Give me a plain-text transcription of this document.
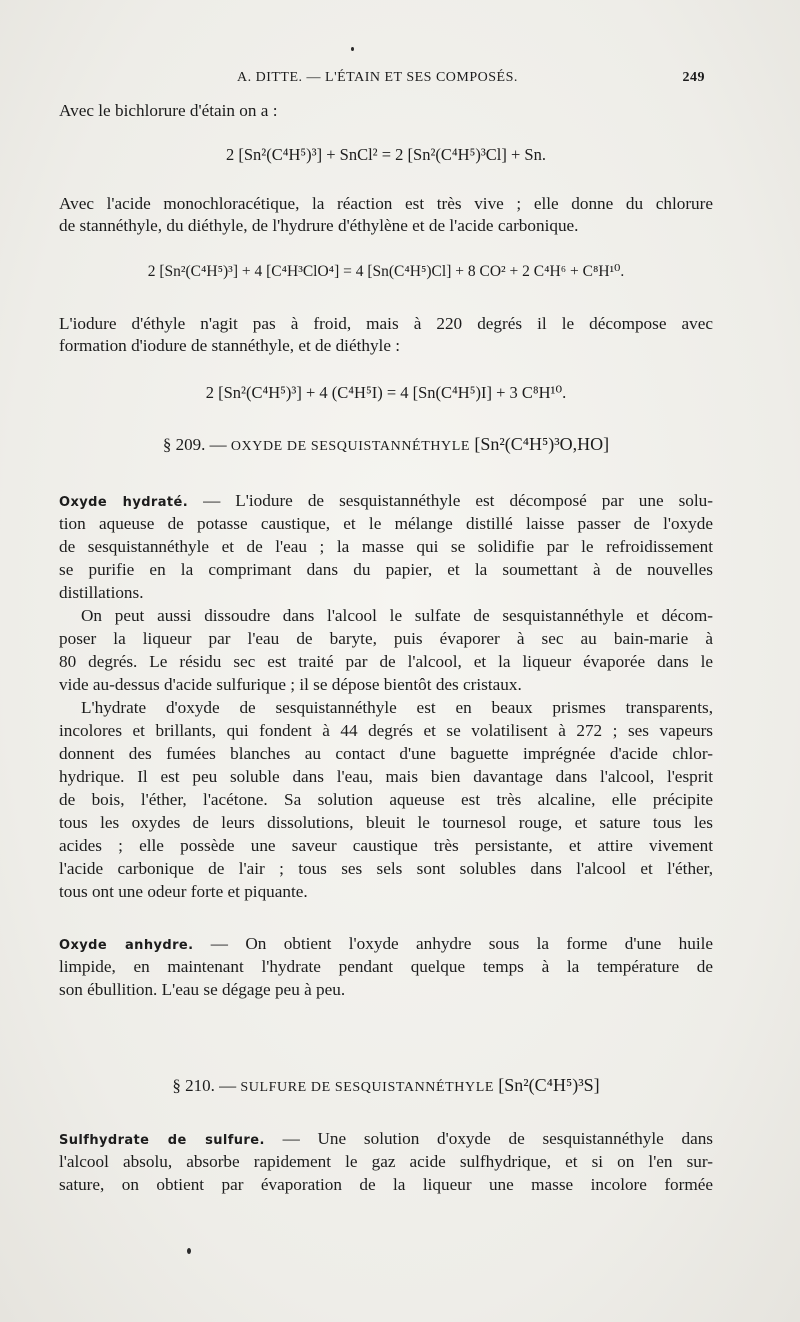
A. DITTE. — L'ÉTAIN ET SES COMPOSÉS.	249
Avec le bichlorure d'étain on a :
2 [Sn²(C⁴H⁵)³] + SnCl² = 2 [Sn²(C⁴H⁵)³Cl] + Sn.
Avec l'acide monochloracétique, la réaction est très vive ; elle donne du chlorure
de stannéthyle, du diéthyle, de l'hydrure d'éthylène et de l'acide carbonique.
2 [Sn²(C⁴H⁵)³] + 4 [C⁴H³ClO⁴] = 4 [Sn(C⁴H⁵)Cl] + 8 CO² + 2 C⁴H⁶ + C⁸H¹⁰.
L'iodure d'éthyle n'agit pas à froid, mais à 220 degrés il le décompose avec
formation d'iodure de stannéthyle, et de diéthyle :
2 [Sn²(C⁴H⁵)³] + 4 (C⁴H⁵I) = 4 [Sn(C⁴H⁵)I] + 3 C⁸H¹⁰.
§ 209. — OXYDE DE SESQUISTANNÉTHYLE [Sn²(C⁴H⁵)³O,HO]
Oxyde hydraté. — L'iodure de sesquistannéthyle est décomposé par une solu-
tion aqueuse de potasse caustique, et le mélange distillé laisse passer de l'oxyde
de sesquistannéthyle et de l'eau ; la masse qui se solidifie par le refroidissement
se purifie en la comprimant dans du papier, et la soumettant à de nouvelles
distillations.
On peut aussi dissoudre dans l'alcool le sulfate de sesquistannéthyle et décom-
poser la liqueur par l'eau de baryte, puis évaporer à sec au bain-marie à
80 degrés. Le résidu sec est traité par de l'alcool, et la liqueur évaporée dans le
vide au-dessus d'acide sulfurique ; il se dépose bientôt des cristaux.
L'hydrate d'oxyde de sesquistannéthyle est en beaux prismes transparents,
incolores et brillants, qui fondent à 44 degrés et se volatilisent à 272 ; ses vapeurs
donnent des fumées blanches au contact d'une baguette imprégnée d'acide chlor-
hydrique. Il est peu soluble dans l'eau, mais bien davantage dans l'alcool, l'esprit
de bois, l'éther, l'acétone. Sa solution aqueuse est très alcaline, elle précipite
tous les oxydes de leurs dissolutions, bleuit le tournesol rouge, et sature tous les
acides ; elle possède une saveur caustique très persistante, et attire vivement
l'acide carbonique de l'air ; tous ses sels sont solubles dans l'alcool et l'éther,
tous ont une odeur forte et piquante.
Oxyde anhydre. — On obtient l'oxyde anhydre sous la forme d'une huile
limpide, en maintenant l'hydrate pendant quelque temps à la température de
son ébullition. L'eau se dégage peu à peu.
§ 210. — SULFURE DE SESQUISTANNÉTHYLE [Sn²(C⁴H⁵)³S]
Sulfhydrate de sulfure. — Une solution d'oxyde de sesquistannéthyle dans
l'alcool absolu, absorbe rapidement le gaz acide sulfhydrique, et si on l'en sur-
sature, on obtient par évaporation de la liqueur une masse incolore formée
